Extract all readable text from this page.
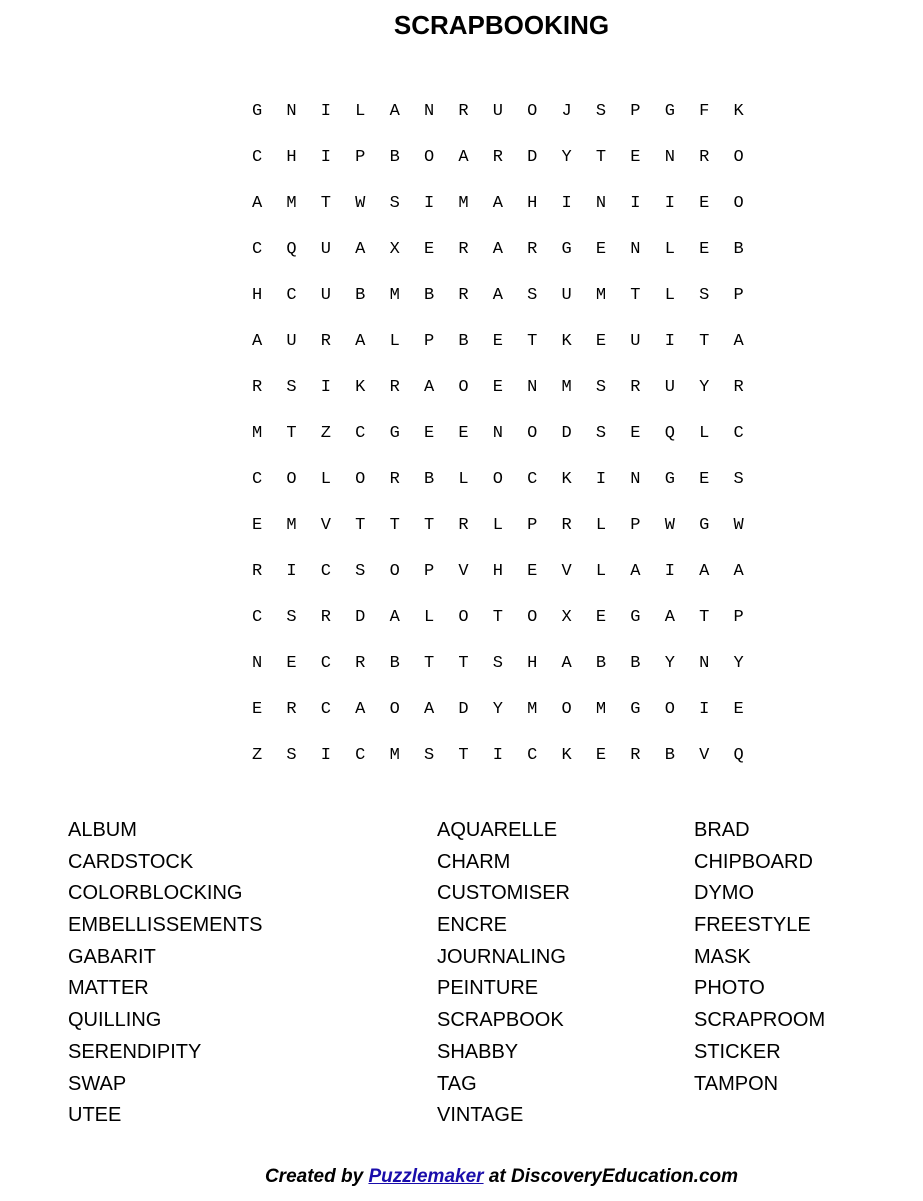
SCRAPBOOKING
G	N	I	L	A	N	R	U	O	J	S	P	G	F	K
C	H	I	P	B	O	A	R	D	Y	T	E	N	R	O
A	M	T	W	S	I	M	A	H	I	N	I	I	E	O
C	Q	U	A	X	E	R	A	R	G	E	N	L	E	B
H	C	U	B	M	B	R	A	S	U	M	T	L	S	P
A	U	R	A	L	P	B	E	T	K	E	U	I	T	A
R	S	I	K	R	A	O	E	N	M	S	R	U	Y	R
M	T	Z	C	G	E	E	N	O	D	S	E	Q	L	C
C	O	L	O	R	B	L	O	C	K	I	N	G	E	S
E	M	V	T	T	T	R	L	P	R	L	P	W	G	W
R	I	C	S	O	P	V	H	E	V	L	A	I	A	A
C	S	R	D	A	L	O	T	O	X	E	G	A	T	P
N	E	C	R	B	T	T	S	H	A	B	B	Y	N	Y
E	R	C	A	O	A	D	Y	M	O	M	G	O	I	E
Z	S	I	C	M	S	T	I	C	K	E	R	B	V	Q
ALBUM
CARDSTOCK
COLORBLOCKING
EMBELLISSEMENTS
GABARIT
MATTER
QUILLING
SERENDIPITY
SWAP
UTEE
AQUARELLE
CHARM
CUSTOMISER
ENCRE
JOURNALING
PEINTURE
SCRAPBOOK
SHABBY
TAG
VINTAGE
BRAD
CHIPBOARD
DYMO
FREESTYLE
MASK
PHOTO
SCRAPROOM
STICKER
TAMPON
Created by Puzzlemaker at DiscoveryEducation.com
